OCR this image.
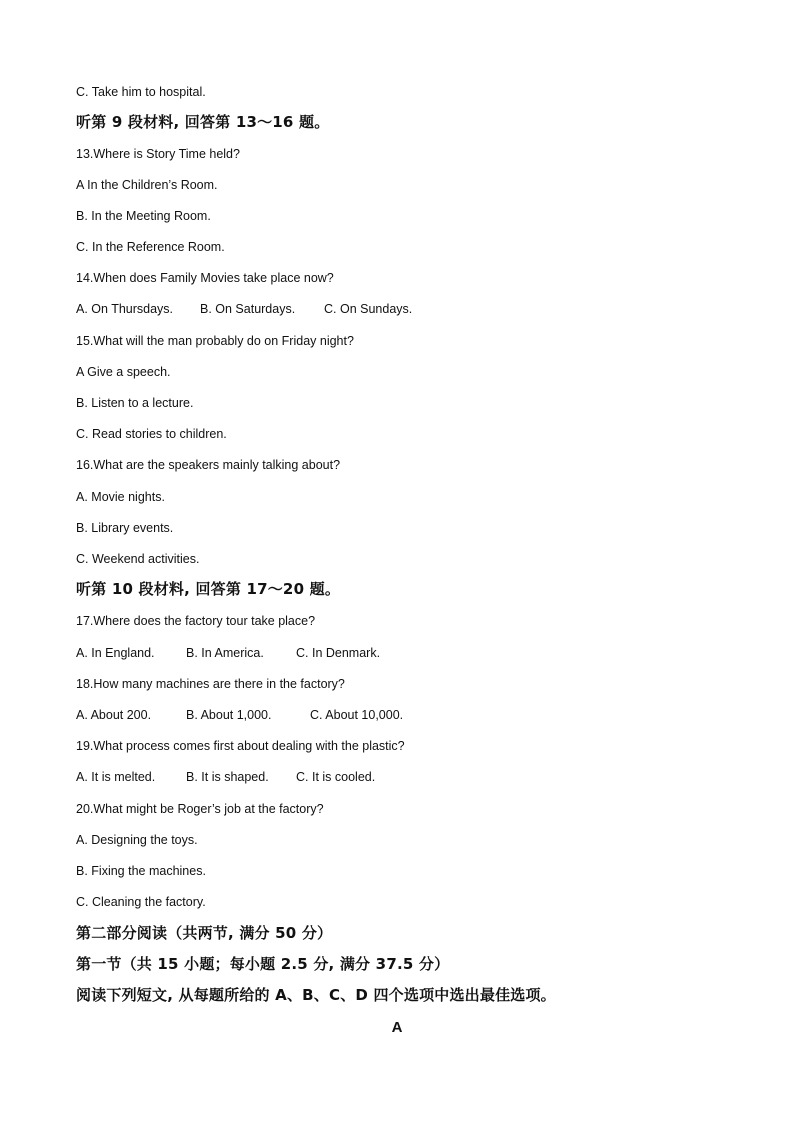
C. Take him to hospital.
听第 9 段材料, 回答第 13～16 题。
13.Where is Story Time held?
A In the Children’s Room.
B. In the Meeting Room.
C. In the Reference Room.
14.When does Family Movies take place now?
A. On Thursdays. B. On Saturdays. C. On Sundays.
15.What will the man probably do on Friday night?
A Give a speech.
B. Listen to a lecture.
C. Read stories to children.
16.What are the speakers mainly talking about?
A. Movie nights.
B. Library events.
C. Weekend activities.
听第 10 段材料, 回答第 17～20 题。
17.Where does the factory tour take place?
A. In England.	B. In America.	C. In Denmark.
18.How many machines are there in the factory?
A. About 200.	B. About 1,000.	C. About 10,000.
19.What process comes first about dealing with the plastic?
A. It is melted. B. It is shaped. C. It is cooled.
20.What might be Roger’s job at the factory?
A. Designing the toys.
B. Fixing the machines.
C. Cleaning the factory.
第二部分阅读（共两节, 满分 50 分）
第一节（共 15 小题；每小题 2.5 分, 满分 37.5 分）
阅读下列短文, 从每题所给的 A、B、C、D 四个选项中选出最佳选项。
A
